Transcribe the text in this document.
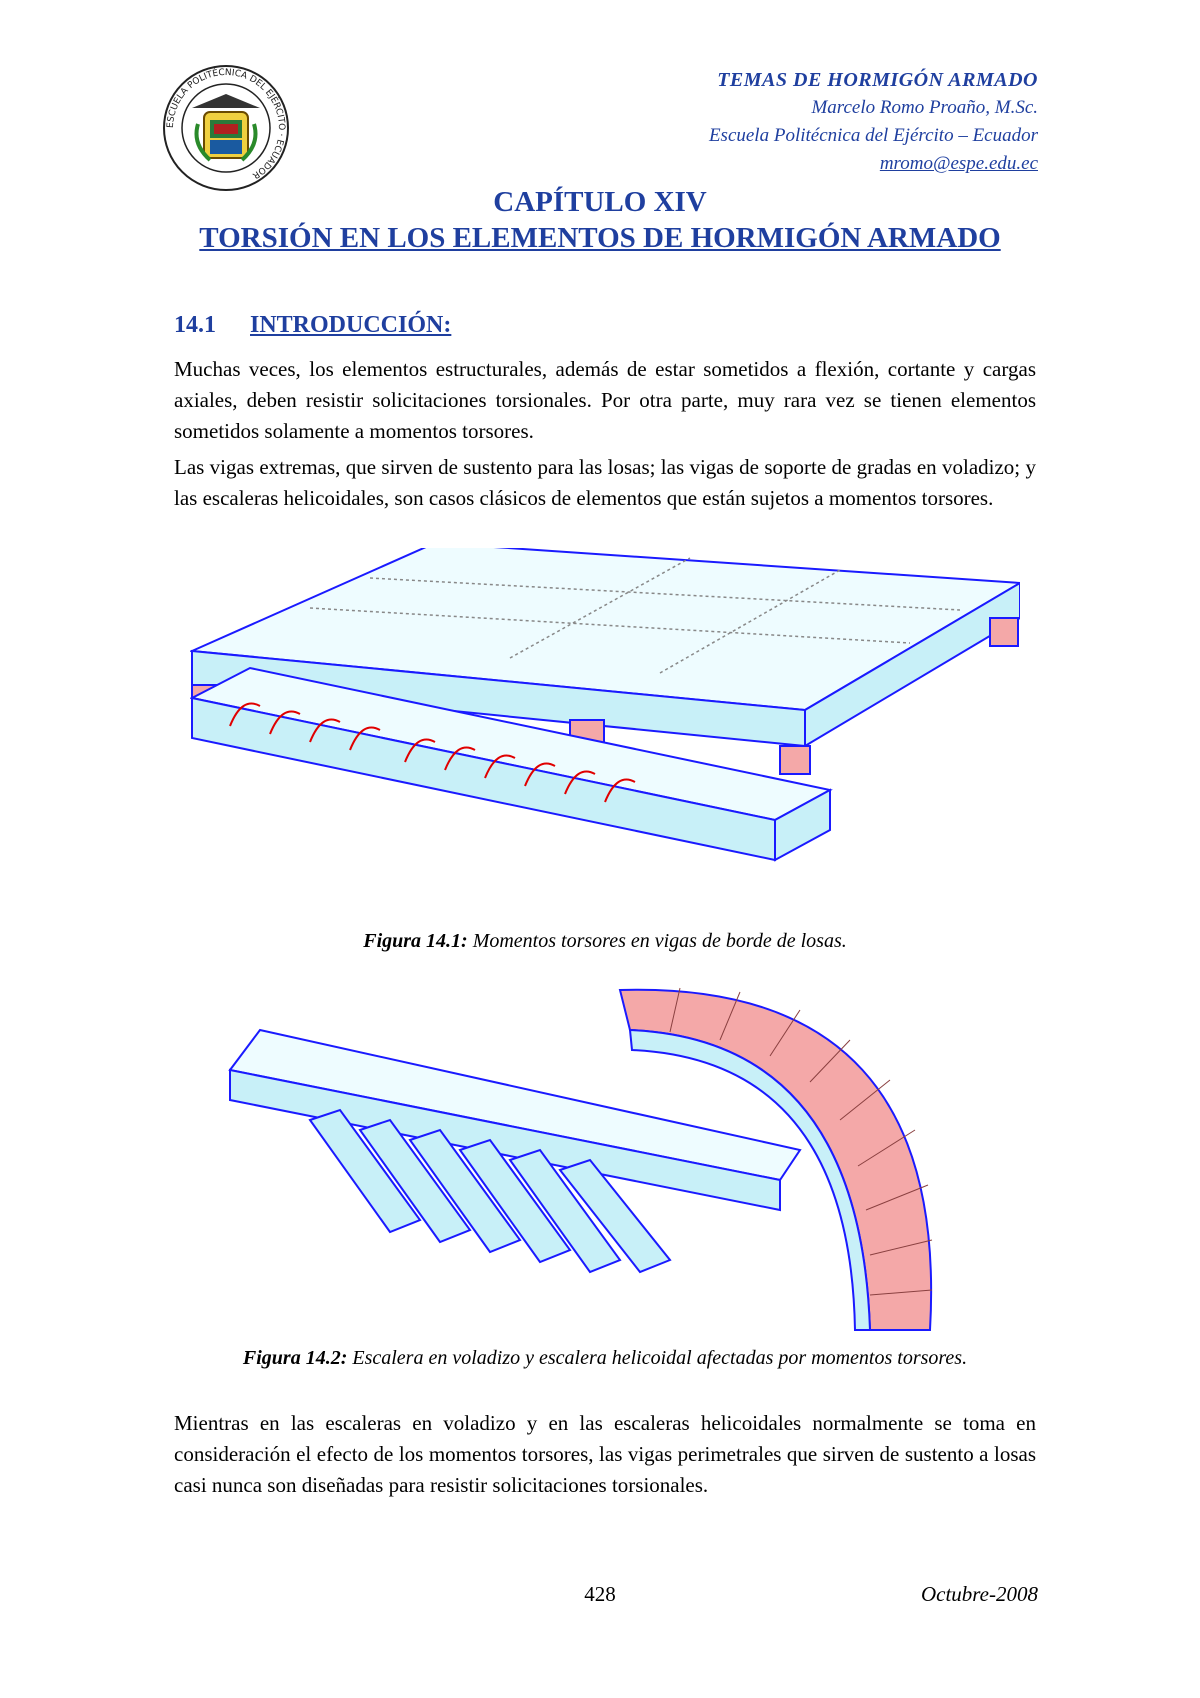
ESCUELA POLITÉCNICA DEL EJÉRCITO · ECUADOR
TEMAS DE HORMIGÓN ARMADO
Marcelo Romo Proaño, M.Sc.
Escuela Politécnica del Ejército – Ecuador
mromo@espe.edu.ec
CAPÍTULO XIV
TORSIÓN EN LOS ELEMENTOS DE HORMIGÓN ARMADO
14.1 INTRODUCCIÓN:
Muchas veces, los elementos estructurales, además de estar sometidos a flexión, cortante y cargas axiales, deben resistir solicitaciones torsionales. Por otra parte, muy rara vez se tienen elementos sometidos solamente a momentos torsores.
Las vigas extremas, que sirven de sustento para las losas; las vigas de soporte de gradas en voladizo; y las escaleras helicoidales, son casos clásicos de elementos que están sujetos a momentos torsores.
Figura 14.1: Momentos torsores en vigas de borde de losas.
Figura 14.2: Escalera en voladizo y escalera helicoidal afectadas por momentos torsores.
Mientras en las escaleras en voladizo y en las escaleras helicoidales normalmente se toma en consideración el efecto de los momentos torsores, las vigas perimetrales que sirven de sustento a losas casi nunca son diseñadas para resistir solicitaciones torsionales.
428	Octubre-2008
